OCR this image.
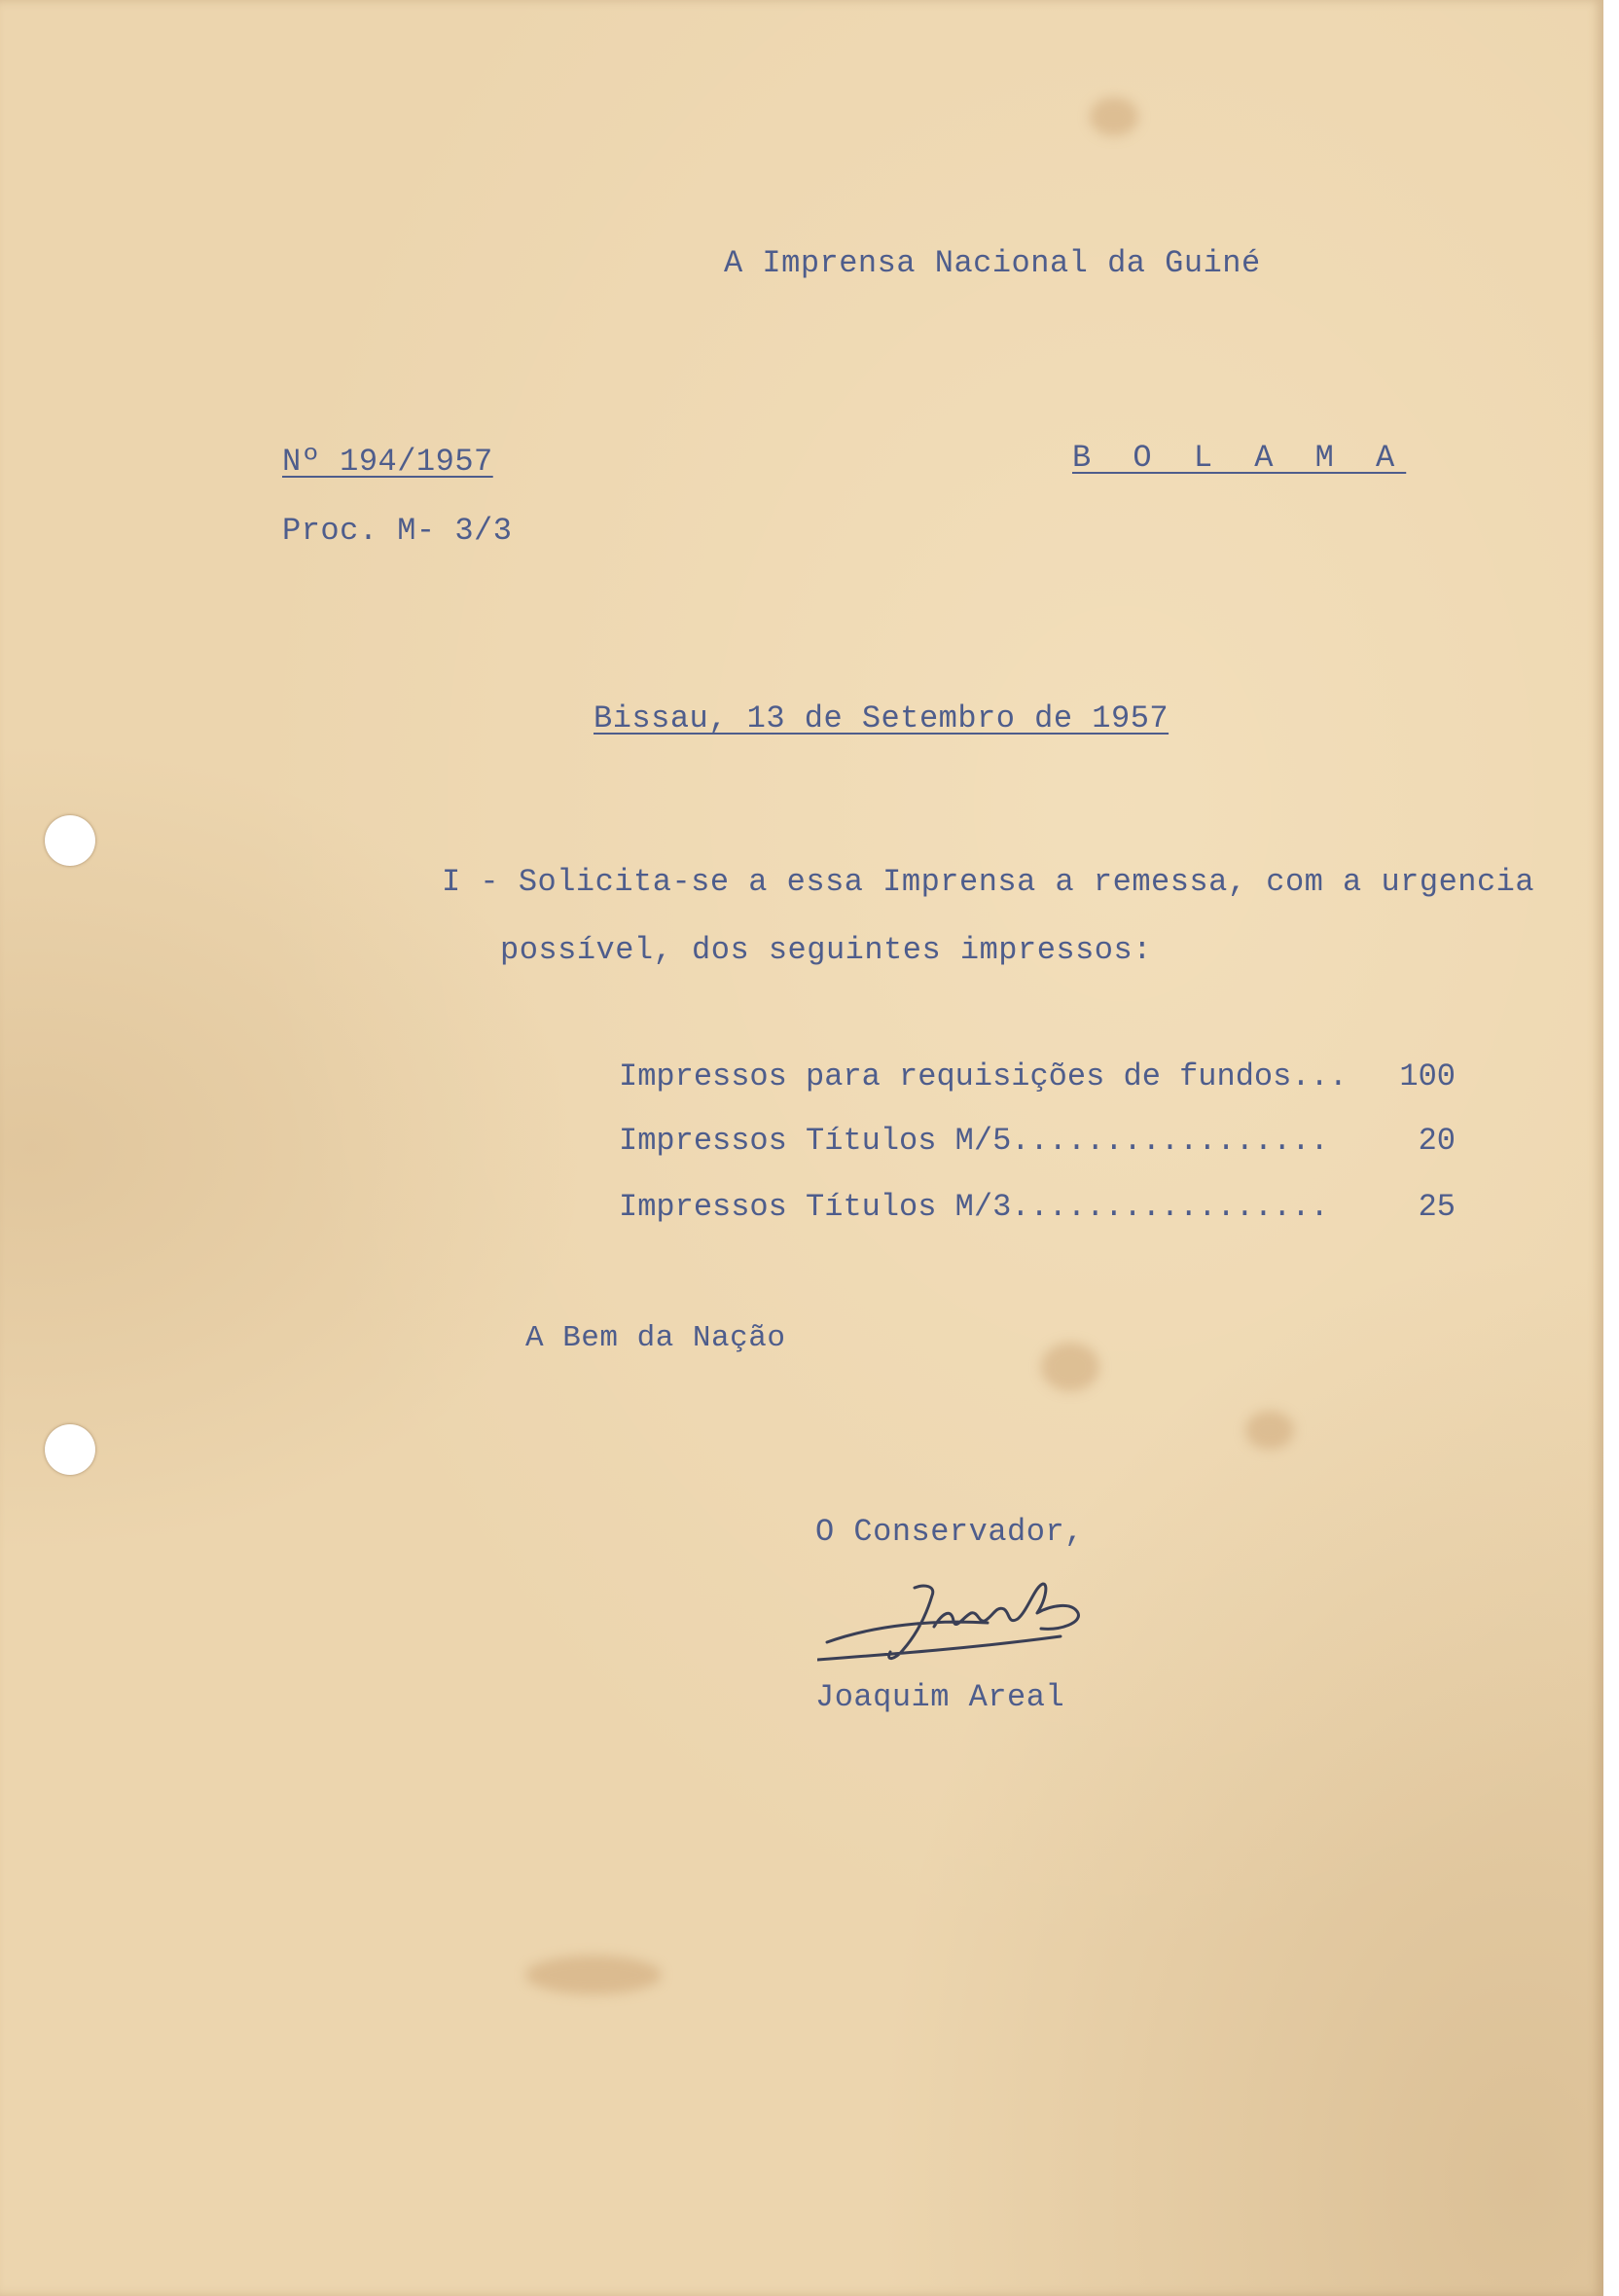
A Imprensa Nacional da Guiné
Nº 194/1957	B O L A M A
Proc. M- 3/3
Bissau, 13 de Setembro de 1957
I - Solicita-se a essa Imprensa a remessa, com a urgencia
possível, dos seguintes impressos:
Impressos para requisições de fundos...	100
Impressos Títulos M/5.................	20
Impressos Títulos M/3.................	25
A Bem da Nação
O Conservador,
Joaquim Areal
